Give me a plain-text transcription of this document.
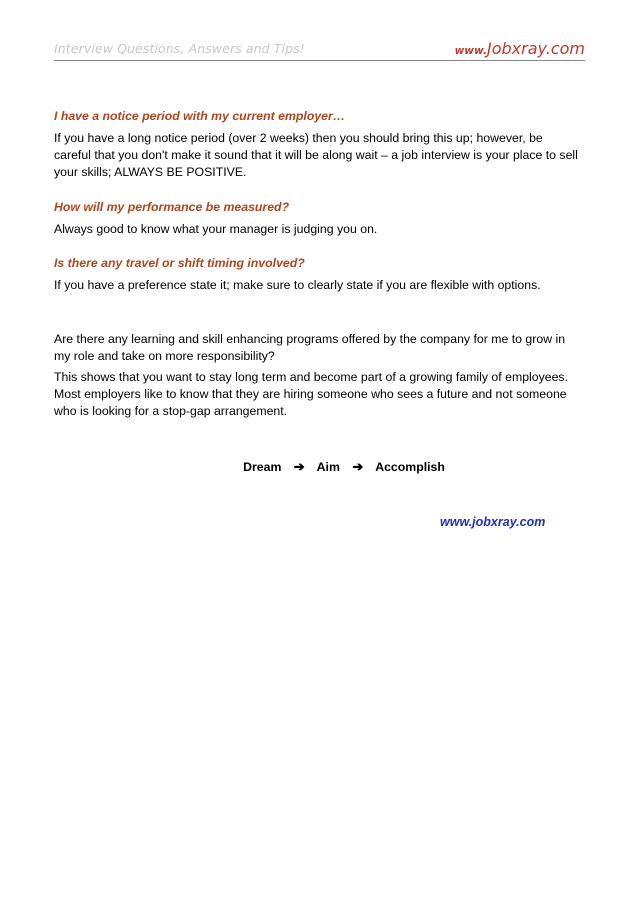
Interview Questions, Answers and Tips!	www.Jobxray.com

I have a notice period with my current employer…

If you have a long notice period (over 2 weeks) then you should bring this up; however, be careful that you don't make it sound that it will be along wait – a job interview is your place to sell your skills; ALWAYS BE POSITIVE.

How will my performance be measured?

Always good to know what your manager is judging you on.

Is there any travel or shift timing involved?

If you have a preference state it; make sure to clearly state if you are flexible with options.

Are there any learning and skill enhancing programs offered by the company for me to grow in my role and take on more responsibility?

This shows that you want to stay long term and become part of a growing family of employees. Most employers like to know that they are hiring someone who sees a future and not someone who is looking for a stop-gap arrangement.

Dream ➔ Aim ➔ Accomplish
www.jobxray.com
